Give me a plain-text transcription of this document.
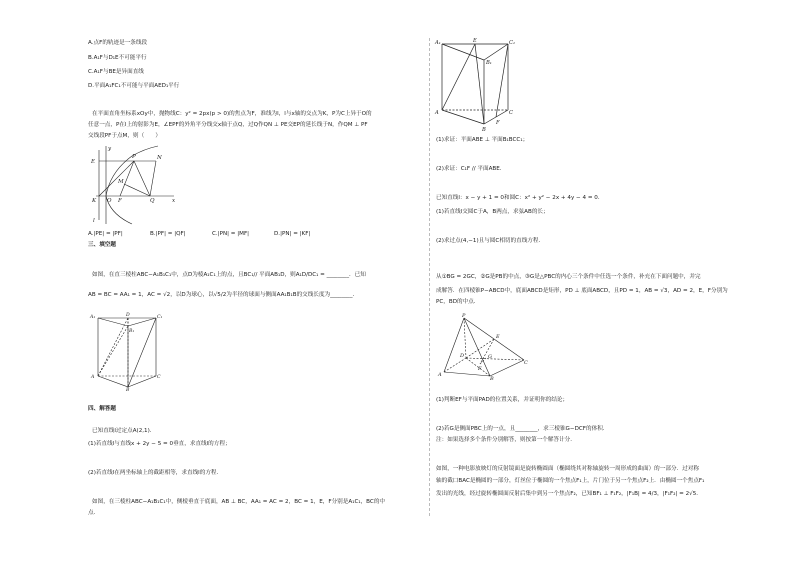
A.点F的轨迹是一条线段
B.A₁F与D₁E不可能平行
C.A₁F与BE是异面直线
D.平面A₁FC₁不可能与平面AED₁平行
在平面直角坐标系xOy中，抛物线C：y² = 2px(p > 0)的焦点为F，准线为l，l与x轴的交点为K，P为C上异于O的
任意一点，P在l上的射影为E，∠EPF的外角平分线交x轴于点Q，过Q作QN ⊥ PE交EP的延长线于N，作QM ⊥ PF
交线段PF于点M，则（　　）
y
E
P	N
M
K O F	Q	x
l
A.|PE| = |PF|	B.|PF| = |QF|	C.|PN| = |MF|	D.|PN| = |KF|
三、填空题
如图，在直三棱柱ABC−A₁B₁C₁中，点D为棱A₁C₁上的点，且BC₁// 平面AB₁D，则A₁D/DC₁ = ________．已知
AB = BC = AA₁ = 1，AC = √2，以D为球心，以√5/2为半径的球面与侧面AA₁B₁B的交线长度为________．
A₁	D	C₁
B₁
A	C
B
四、解答题
已知直线l过定点A(2,1)．
(1)若直线l与直线x + 2y − 5 = 0垂直，求直线l的方程；
(2)若直线l在两坐标轴上的截距相等，求直线l的方程．
如图，在三棱柱ABC−A₁B₁C₁中，侧棱垂直于底面，AB ⊥ BC，AA₁ = AC = 2，BC = 1，E，F分别是A₁C₁，BC的中
点．
A₁	E	C₁
B₁
A	C
F
B
(1)求证：平面ABE ⊥ 平面B₁BCC₁；
(2)求证：C₁F // 平面ABE．
已知直线l：x − y + 1 = 0和圆C：x² + y² − 2x + 4y − 4 = 0．
(1)若直线l交圆C于A，B两点，求弦AB的长；
(2)求过点(4,−1)且与圆C相切的直线方程．
从①BG = 2GC，②G是PB的中点，③G是△PBC的内心三个条件中任选一个条件，补充在下面问题中，并完
成解答．在四棱锥P−ABCD中，底面ABCD是矩形，PD ⊥ 底面ABCD，且PD = 1，AB = √3，AD = 2，E，F分别为
PC，BD的中点．
P
E
D	G
F
C
A
B
(1)判断EF与平面PAD的位置关系，并证明你的结论；
(2)若G是侧面PBC上的一点，且________，求三棱锥G−DCF的体积．
注：如果选择多个条件分别解答，则按第一个解答计分．
如图，一种电影放映灯的反射镜面是旋转椭圆面（椭圆绕其对称轴旋转一周形成的曲面）的一部分．过对称
轴的截口BAC是椭圆的一部分，灯丝位于椭圆的一个焦点F₁上，片门位于另一个焦点F₂上．由椭圆一个焦点F₁
发出的光线，经过旋转椭圆面反射后集中到另一个焦点F₂，已知BF₁ ⊥ F₁F₂，|F₁B| = 4/3，|F₁F₂| = 2√5．
